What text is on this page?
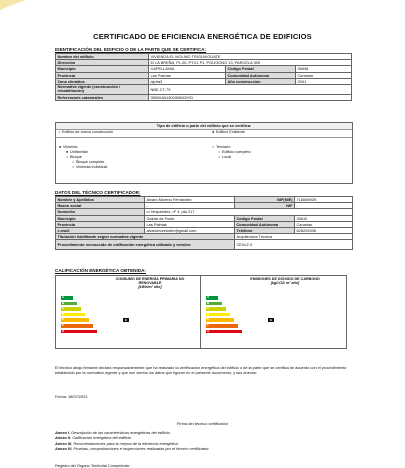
CERTIFICADO DE EFICIENCIA ENERGÉTICA DE EDIFICIOS
IDENTIFICACIÓN DEL EDIFICIO O DE LA PARTE QUE SE CERTIFICA:
Nombre del edificio	VIVIENDA EL MOLINO TRIGUVIGUATE		
Dirección	El LA BREÑA, PL.00, PT.01 P1, POLIGONO 13, PARCELA 305		
Municipio	CAPELLANIA	Código Postal	35638
Provincia	Las Palmas	Comunidad Autónoma	Canarias
Zona climática	alpha3	Año construcción	2001
Normativa vigente (construcción / rehabilitación)	NBE-CT-79		
Referencia/s catastral/es	35000A01300305000YD		
Tipo de edificio o parte del edificio que se certifica:
○ Edificio de nueva construcción	● Edificio Existente
● Vivienda
● Unifamiliar
○ Bloque
○ Bloque completo
○ Vivienda individual
○ Terciario
○ Edificio completo
○ Local
DATOS DEL TÉCNICO CERTIFICADOR:
Nombre y Apellidos	Alvaro Moreno Fernández	NIF(NIE)	7185069ZK
Razón social	-	NIF	-
Domicilio	c/ Hespérides, nº 3, pta 217		
Municipio	Gáldar de Fuste	Código Postal	35610
Provincia	Las Palmas	Comunidad Autónoma	Canarias
e-mail:	alvaromorenofer@gmail.com	Teléfono	628226336
Titulación habilitante según normativa vigente		Arquitectura Técnica	
Procedimiento reconocido de calificación energética utilizado y versión:		CEXv2.3	
CALIFICACIÓN ENERGÉTICA OBTENIDA:
CONSUMO DE ENERGÍA PRIMARIA NO RENOVABLE
[kWh/m² año]
EMISIONES DE DIÓXIDO DE CARBONO
[kgCO2/ m² año]
A
B
C
D
E
F
G
A
B
C
D
E
F
G
E	E
El técnico abajo firmante declara responsablemente que ha realizado la certificación energética del edificio o de la parte que se certifica de acuerdo con el procedimiento establecido por la normativa vigente y que son ciertos los datos que figuran en el presente documento, y sus anexos:
Fecha: 18/07/2023
Firma del técnico certificador
Anexo I. Descripción de las características energéticas del edificio.
Anexo II. Calificación energética del edificio.
Anexo III. Recomendaciones para la mejora de la eficiencia energética.
Anexo IV. Pruebas, comprobaciones e inspecciones realizadas por el técnico certificador.
Registro del Órgano Territorial Competente:
